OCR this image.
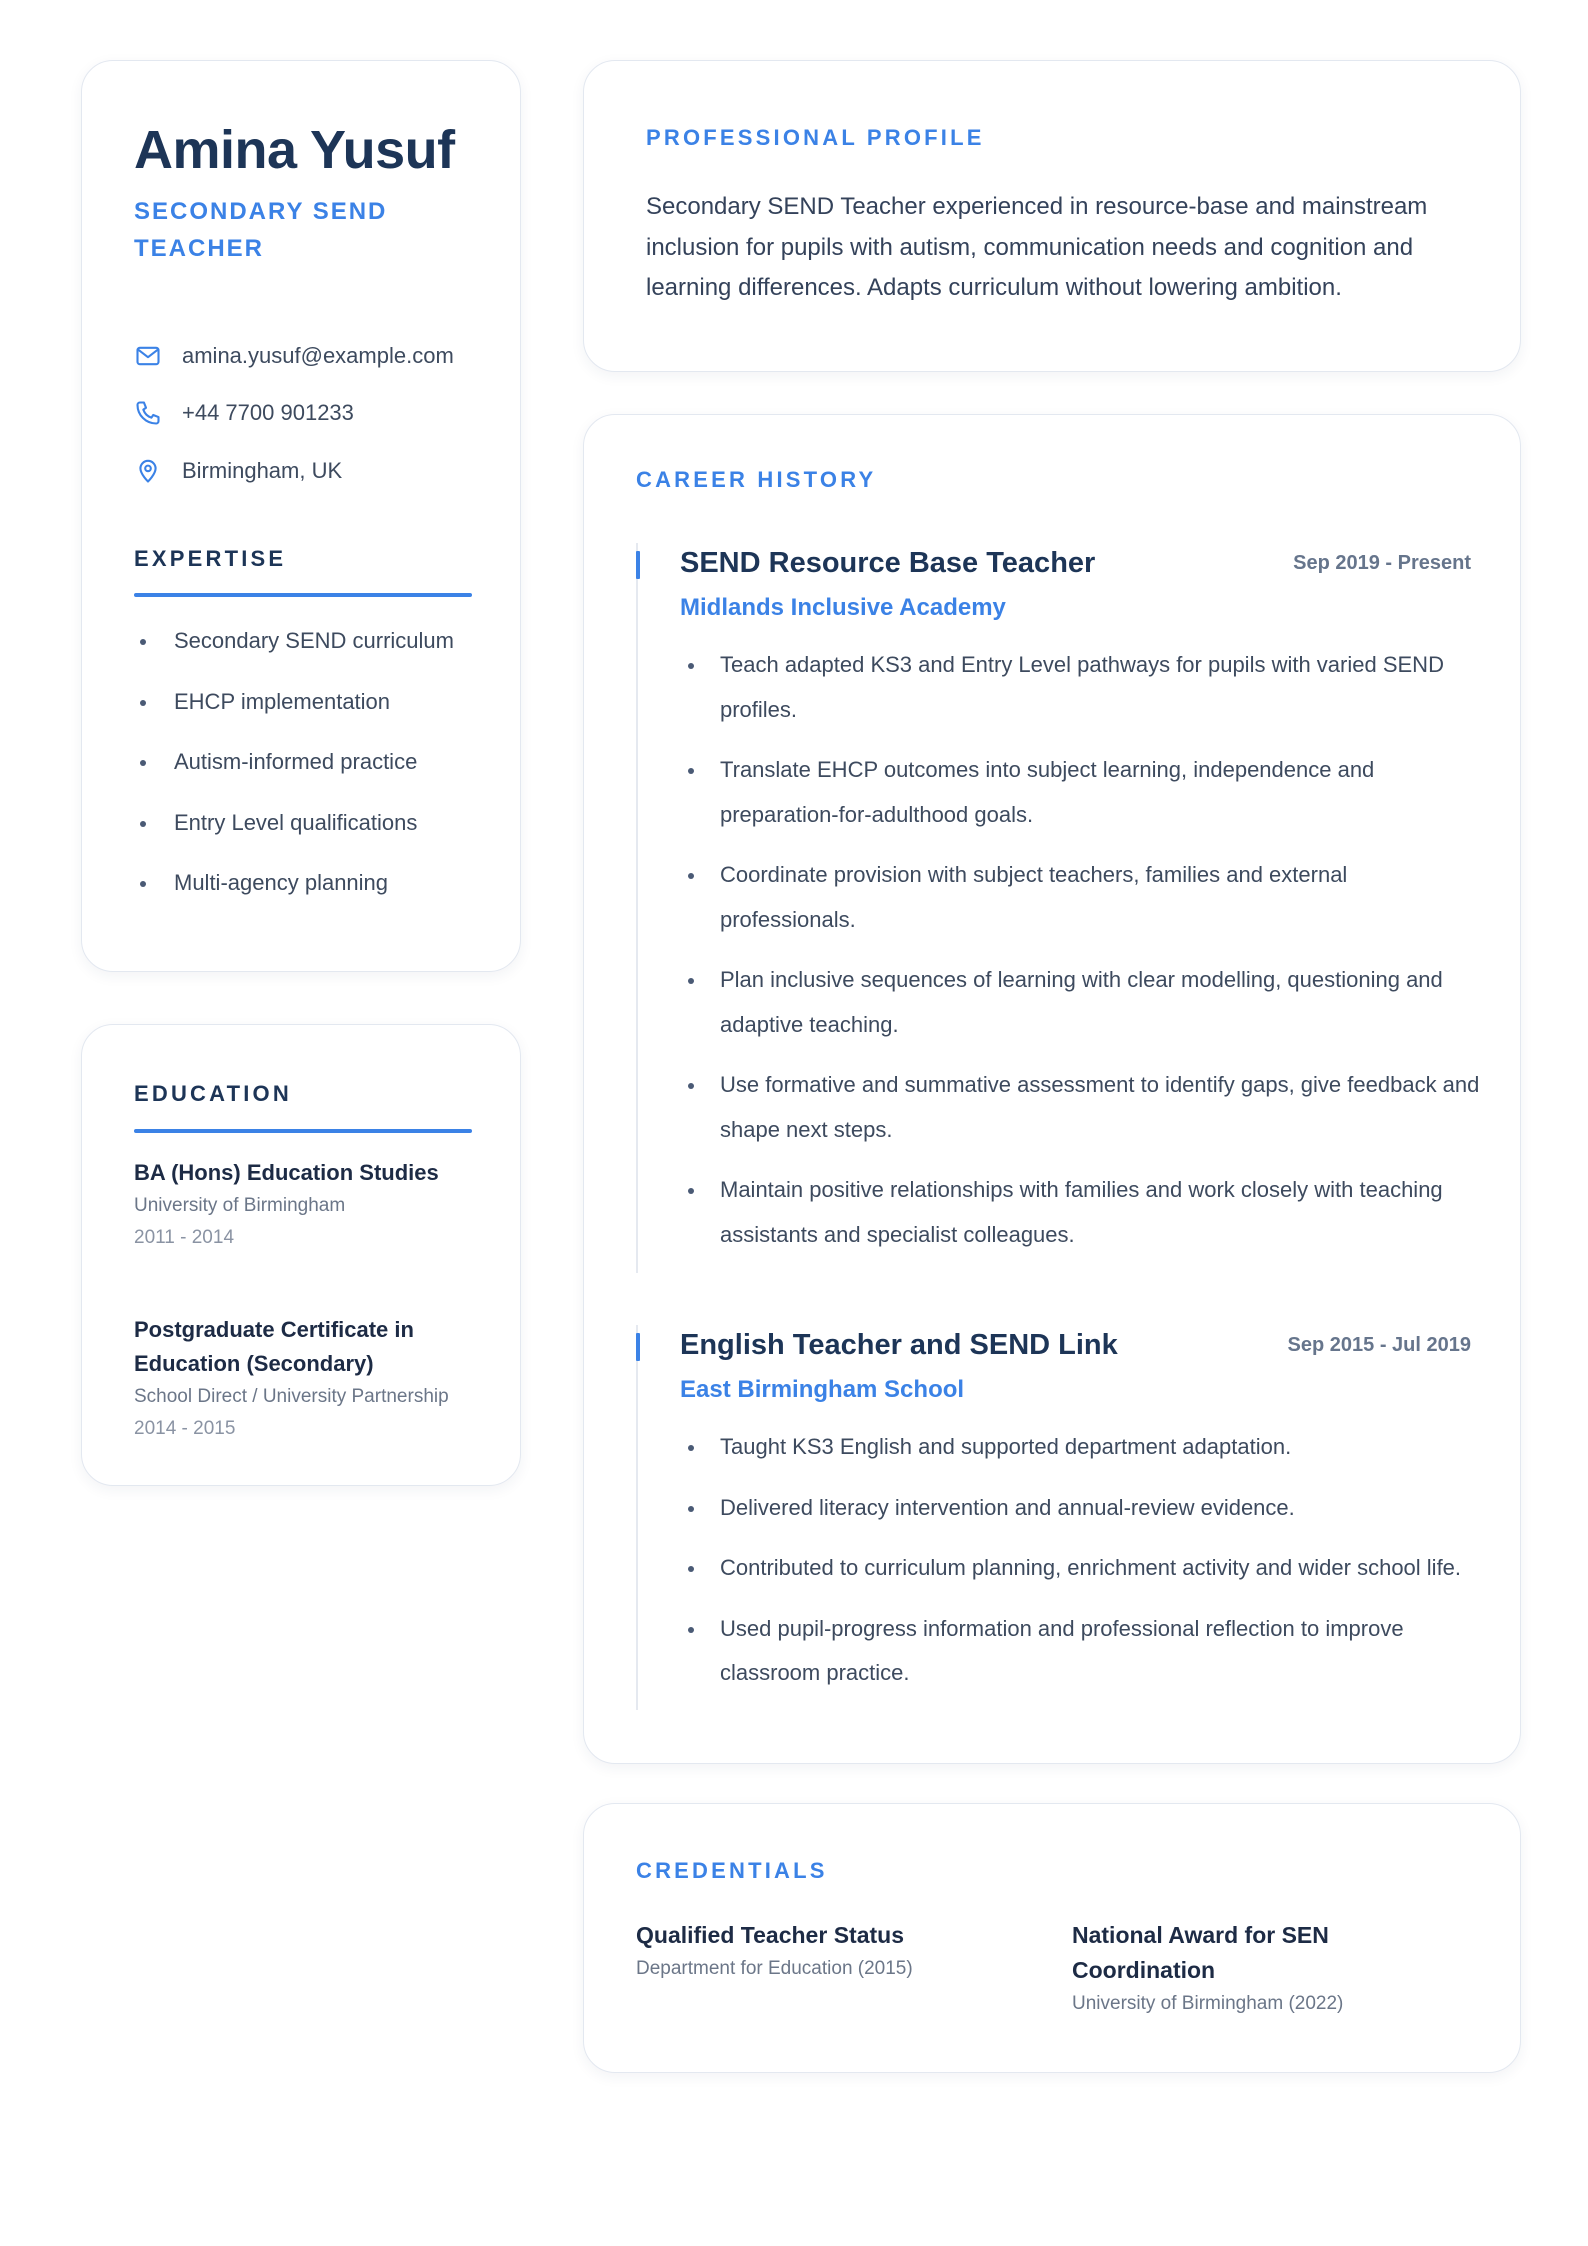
Amina Yusuf
SECONDARY SEND TEACHER
amina.yusuf@example.com
+44 7700 901233
Birmingham, UK
EXPERTISE
Secondary SEND curriculum
EHCP implementation
Autism-informed practice
Entry Level qualifications
Multi-agency planning
EDUCATION
BA (Hons) Education Studies
University of Birmingham
2011 - 2014
Postgraduate Certificate in Education (Secondary)
School Direct / University Partnership
2014 - 2015
PROFESSIONAL PROFILE
Secondary SEND Teacher experienced in resource-base and mainstream inclusion for pupils with autism, communication needs and cognition and learning differences. Adapts curriculum without lowering ambition.
CAREER HISTORY
SEND Resource Base Teacher	Sep 2019 - Present
Midlands Inclusive Academy
Teach adapted KS3 and Entry Level pathways for pupils with varied SEND profiles.
Translate EHCP outcomes into subject learning, independence and preparation-for-adulthood goals.
Coordinate provision with subject teachers, families and external professionals.
Plan inclusive sequences of learning with clear modelling, questioning and adaptive teaching.
Use formative and summative assessment to identify gaps, give feedback and shape next steps.
Maintain positive relationships with families and work closely with teaching assistants and specialist colleagues.
English Teacher and SEND Link	Sep 2015 - Jul 2019
East Birmingham School
Taught KS3 English and supported department adaptation.
Delivered literacy intervention and annual-review evidence.
Contributed to curriculum planning, enrichment activity and wider school life.
Used pupil-progress information and professional reflection to improve classroom practice.
CREDENTIALS
Qualified Teacher Status
Department for Education (2015)
National Award for SEN Coordination
University of Birmingham (2022)
